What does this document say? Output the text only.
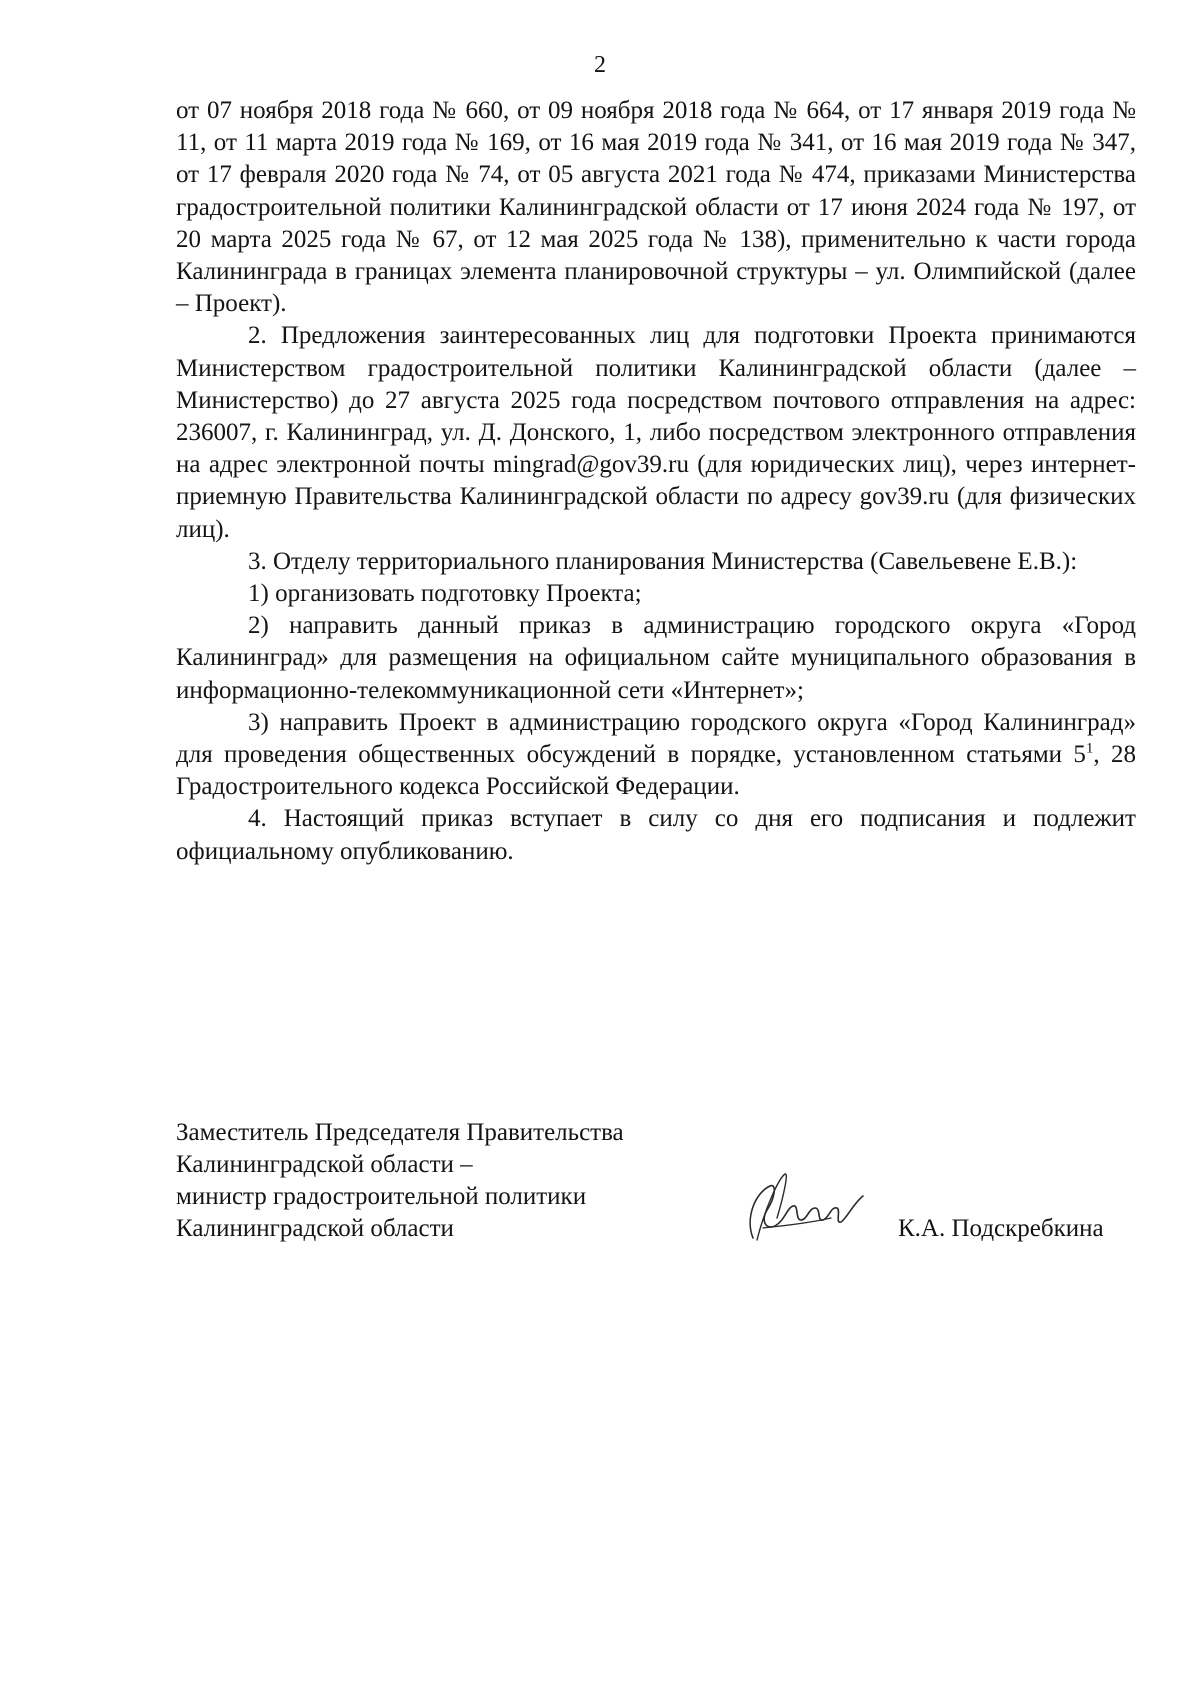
2

от 07 ноября 2018 года № 660, от 09 ноября 2018 года № 664, от 17 января 2019 года № 11, от 11 марта 2019 года № 169, от 16 мая 2019 года № 341, от 16 мая 2019 года № 347, от 17 февраля 2020 года № 74, от 05 августа 2021 года № 474, приказами Министерства градостроительной политики Калининградской области от 17 июня 2024 года № 197, от 20 марта 2025 года № 67, от 12 мая 2025 года № 138), применительно к части города Калининграда в границах элемента планировочной структуры – ул. Олимпийской (далее – Проект).

2. Предложения заинтересованных лиц для подготовки Проекта принимаются Министерством градостроительной политики Калининградской области (далее – Министерство) до 27 августа 2025 года посредством почтового отправления на адрес: 236007, г. Калининград, ул. Д. Донского, 1, либо посредством электронного отправления на адрес электронной почты mingrad@gov39.ru (для юридических лиц), через интернет-приемную Правительства Калининградской области по адресу gov39.ru (для физических лиц).

3. Отделу территориального планирования Министерства (Савельевене Е.В.):

1) организовать подготовку Проекта;

2) направить данный приказ в администрацию городского округа «Город Калининград» для размещения на официальном сайте муниципального образования в информационно-телекоммуникационной сети «Интернет»;

3) направить Проект в администрацию городского округа «Город Калининград» для проведения общественных обсуждений в порядке, установленном статьями $5^1$, 28 Градостроительного кодекса Российской Федерации.

4. Настоящий приказ вступает в силу со дня его подписания и подлежит официальному опубликованию.

Заместитель Председателя Правительства
Калининградской области –
министр градостроительной политики
Калининградской области	К.А. Подскребкина
